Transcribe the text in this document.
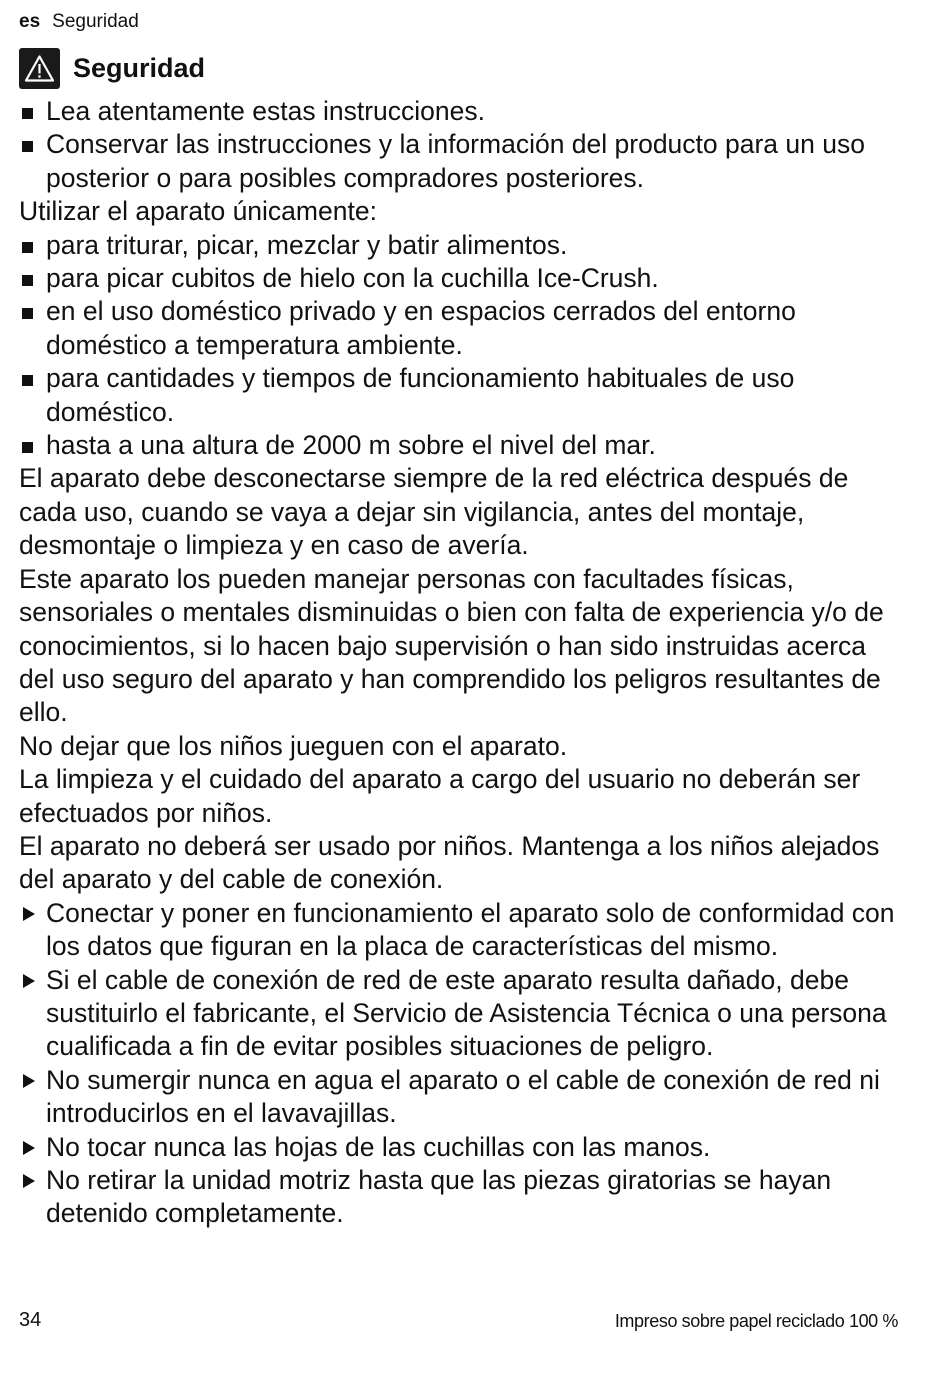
es Seguridad
Seguridad
Lea atentamente estas instrucciones.
Conservar las instrucciones y la información del producto para un uso posterior o para posibles compradores posteriores.

Utilizar el aparato únicamente:

para triturar, picar, mezclar y batir alimentos.
para picar cubitos de hielo con la cuchilla Ice-Crush.
en el uso doméstico privado y en espacios cerrados del entorno doméstico a temperatura ambiente.
para cantidades y tiempos de funcionamiento habituales de uso doméstico.
hasta a una altura de 2000 m sobre el nivel del mar.

El aparato debe desconectarse siempre de la red eléctrica después de cada uso, cuando se vaya a dejar sin vigilancia, antes del montaje, desmontaje o limpieza y en caso de avería.

Este aparato los pueden manejar personas con facultades físicas, sensoriales o mentales disminuidas o bien con falta de experiencia y/o de conocimientos, si lo hacen bajo supervisión o han sido instruidas acerca del uso seguro del aparato y han comprendido los peligros resultantes de ello.

No dejar que los niños jueguen con el aparato.

La limpieza y el cuidado del aparato a cargo del usuario no deberán ser efectuados por niños.

El aparato no deberá ser usado por niños. Mantenga a los niños alejados del aparato y del cable de conexión.

Conectar y poner en funcionamiento el aparato solo de conformidad con los datos que figuran en la placa de características del mismo.
Si el cable de conexión de red de este aparato resulta dañado, debe sustituirlo el fabricante, el Servicio de Asistencia Técnica o una persona cualificada a fin de evitar posibles situaciones de peligro.
No sumergir nunca en agua el aparato o el cable de conexión de red ni introducirlos en el lavavajillas.
No tocar nunca las hojas de las cuchillas con las manos.
No retirar la unidad motriz hasta que las piezas giratorias se hayan detenido completamente.
34	Impreso sobre papel reciclado 100 %
